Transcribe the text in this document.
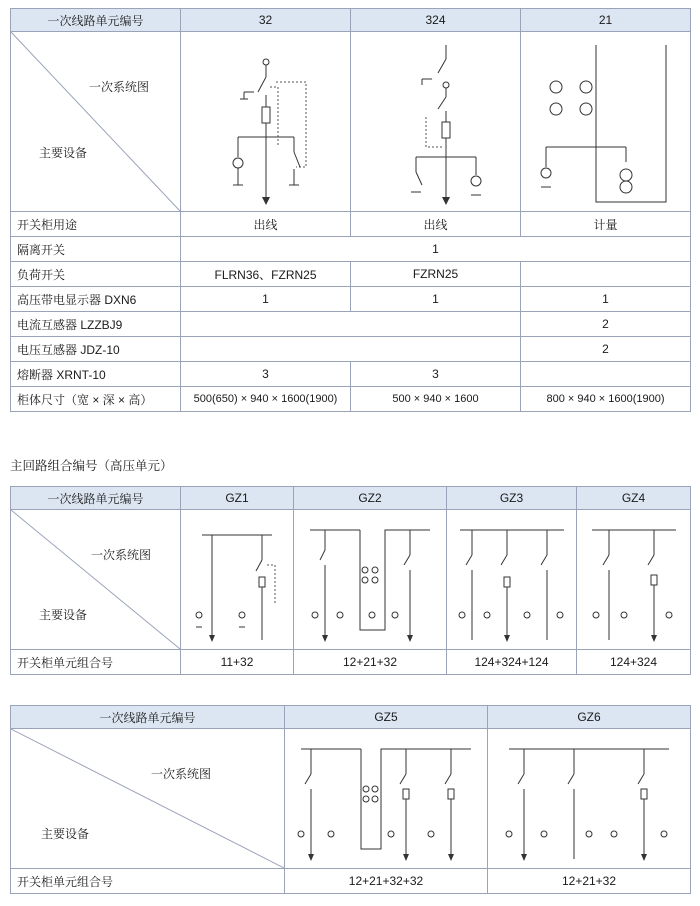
一次线路单元编号	32	324	21

一次系统图
主要设备

开关柜用途	出线	出线	计量
隔离开关	1		
负荷开关	FLRN36、FZRN25	FZRN25	
高压带电显示器 DXN6	1	1	1
电流互感器 LZZBJ9			2
电压互感器 JDZ-10			2
熔断器 XRNT-10	3	3	
柜体尺寸（宽 × 深 × 高）	500(650) × 940 × 1600(1900)	500 × 940 × 1600	800 × 940 × 1600(1900)
主回路组合编号（高压单元）
一次线路单元编号	GZ1	GZ2	GZ3	GZ4

一次系统图
主要设备

开关柜单元组合号	11+32	12+21+32	124+324+124	124+324
一次线路单元编号	GZ5	GZ6

一次系统图
主要设备

开关柜单元组合号	12+21+32+32	12+21+32
